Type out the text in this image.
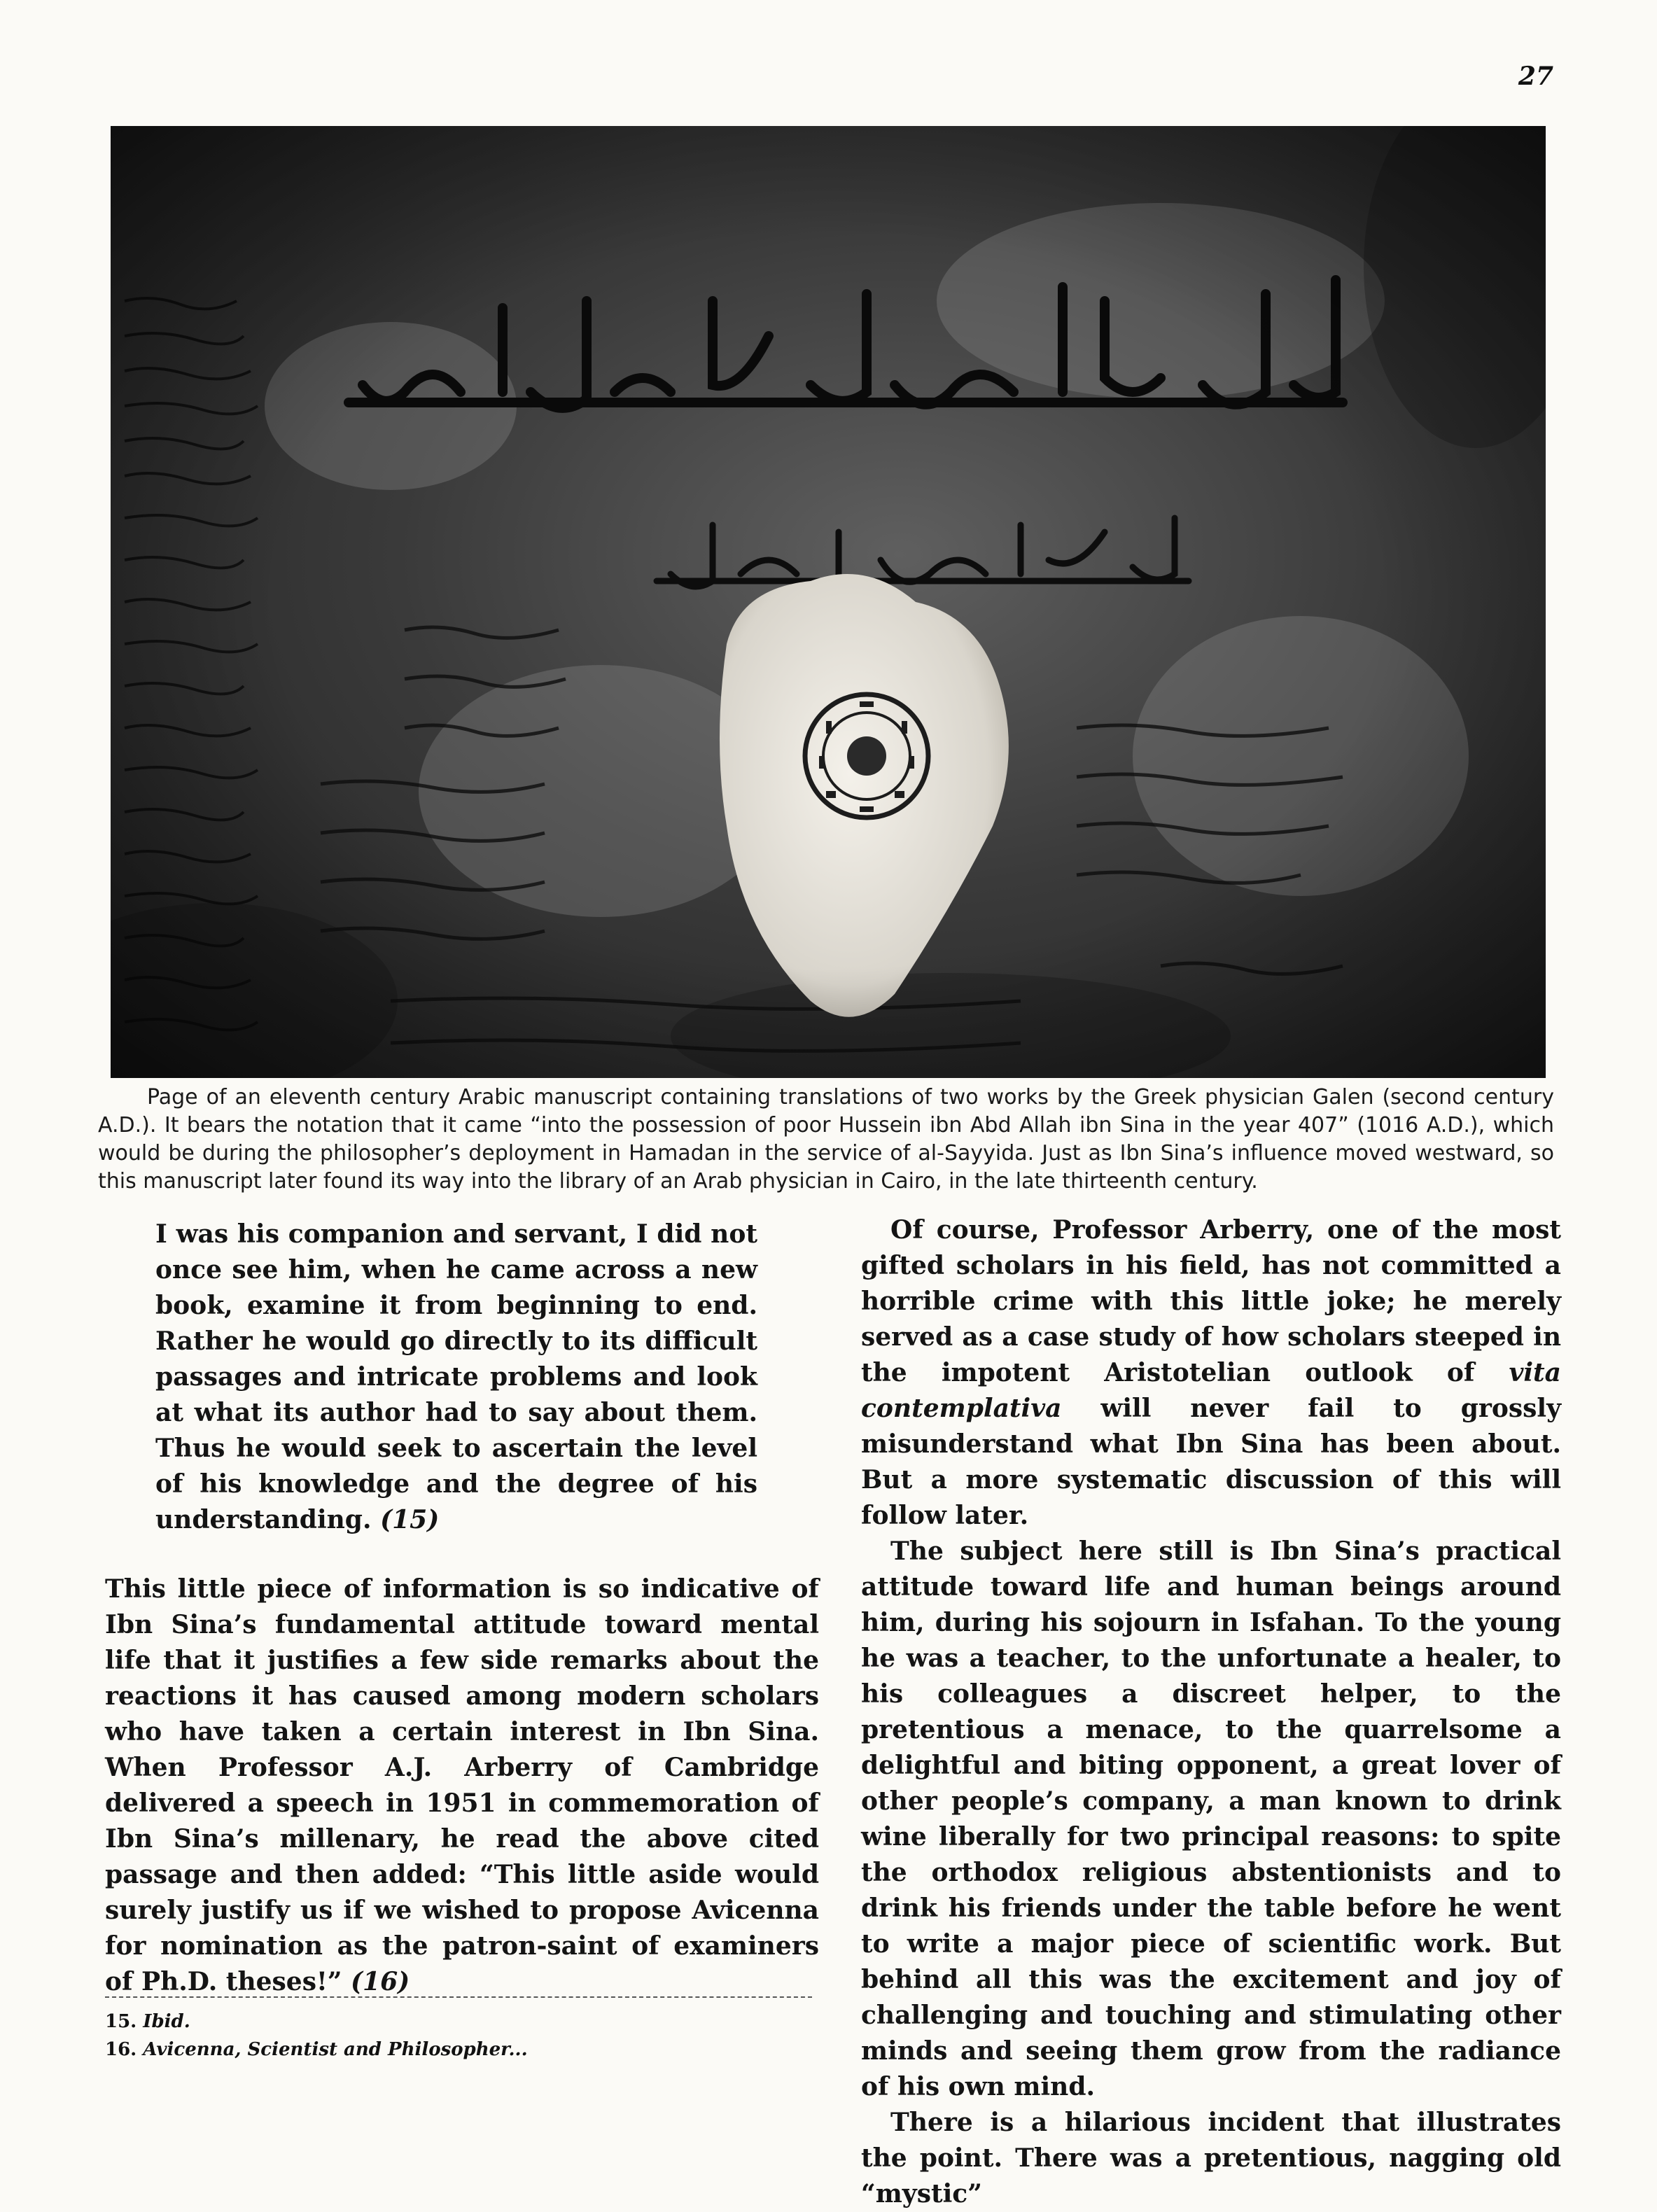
27

Page of an eleventh century Arabic manuscript containing translations of two works by the Greek physician Galen (second century A.D.). It bears the notation that it came “into the possession of poor Hussein ibn Abd Allah ibn Sina in the year 407” (1016 A.D.), which would be during the philosopher’s deployment in Hamadan in the service of al-Sayyida. Just as Ibn Sina’s influence moved westward, so this manuscript later found its way into the library of an Arab physician in Cairo, in the late thirteenth century.

I was his companion and servant, I did not once see him, when he came across a new book, examine it from beginning to end. Rather he would go directly to its difficult passages and intricate problems and look at what its author had to say about them. Thus he would seek to ascertain the level of his knowledge and the degree of his understanding. (15)

This little piece of information is so indicative of Ibn Sina’s fundamental attitude toward mental life that it justifies a few side remarks about the reactions it has caused among modern scholars who have taken a certain interest in Ibn Sina. When Professor A.J. Arberry of Cambridge delivered a speech in 1951 in commemoration of Ibn Sina’s millenary, he read the above cited passage and then added: “This little aside would surely justify us if we wished to propose Avicenna for nomination as the patron-saint of examiners of Ph.D. theses!” (16)

Of course, Professor Arberry, one of the most gifted scholars in his field, has not committed a horrible crime with this little joke; he merely served as a case study of how scholars steeped in the impotent Aristotelian outlook of vita contemplativa will never fail to grossly misunderstand what Ibn Sina has been about. But a more systematic discussion of this will follow later.

The subject here still is Ibn Sina’s practical attitude toward life and human beings around him, during his sojourn in Isfahan. To the young he was a teacher, to the unfortunate a healer, to his colleagues a discreet helper, to the pretentious a menace, to the quarrelsome a delightful and biting opponent, a great lover of other people’s company, a man known to drink wine liberally for two principal reasons: to spite the orthodox religious abstentionists and to drink his friends under the table before he went to write a major piece of scientific work. But behind all this was the excitement and joy of challenging and touching and stimulating other minds and seeing them grow from the radiance of his own mind.

There is a hilarious incident that illustrates the point. There was a pretentious, nagging old “mystic”

15. Ibid.

16. Avicenna, Scientist and Philosopher...
